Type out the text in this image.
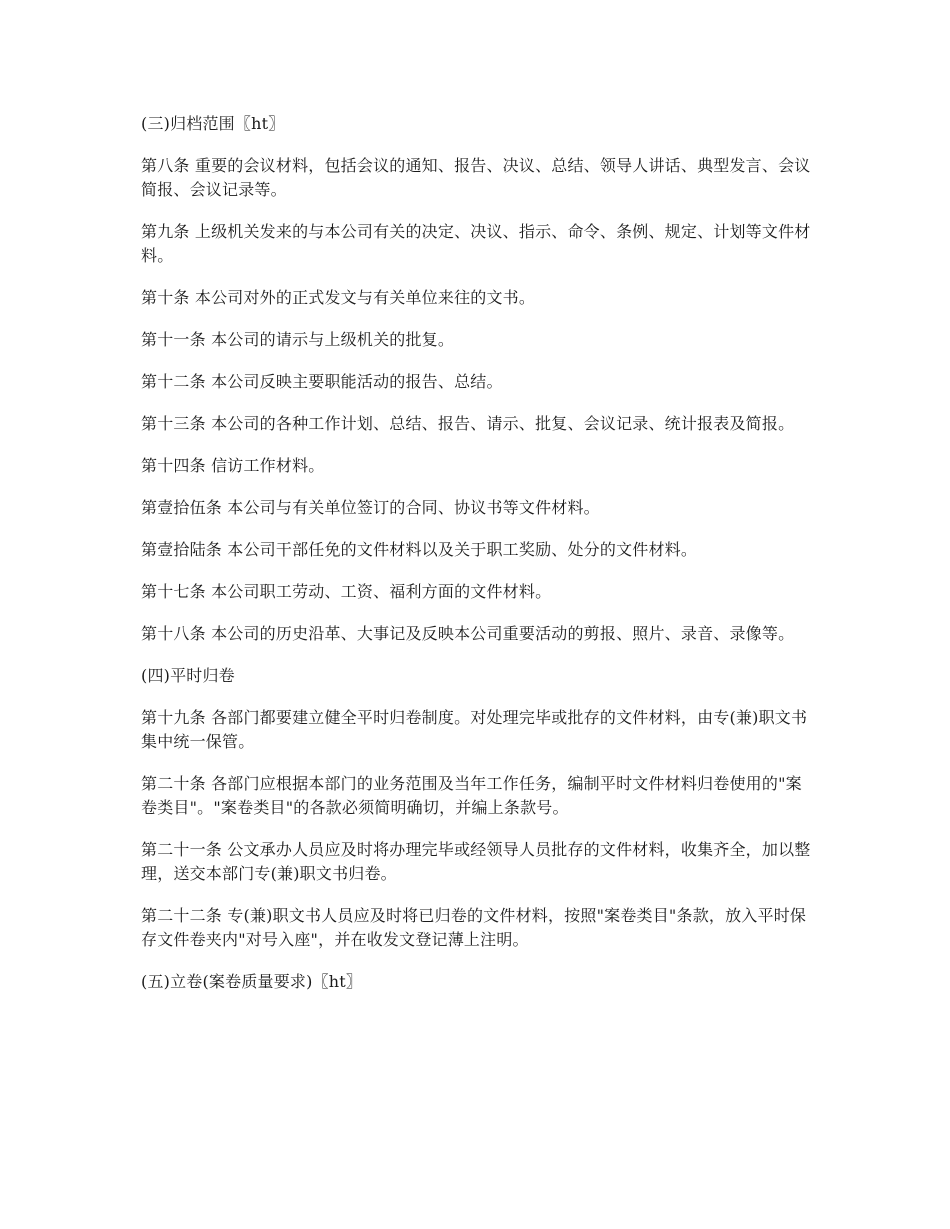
(三)归档范围〖ht〗

第八条 重要的会议材料，包括会议的通知、报告、决议、总结、领导人讲话、典型发言、会议简报、会议记录等。

第九条 上级机关发来的与本公司有关的决定、决议、指示、命令、条例、规定、计划等文件材料。

第十条 本公司对外的正式发文与有关单位来往的文书。

第十一条 本公司的请示与上级机关的批复。

第十二条 本公司反映主要职能活动的报告、总结。

第十三条 本公司的各种工作计划、总结、报告、请示、批复、会议记录、统计报表及简报。

第十四条 信访工作材料。

第壹拾伍条 本公司与有关单位签订的合同、协议书等文件材料。

第壹拾陆条 本公司干部任免的文件材料以及关于职工奖励、处分的文件材料。

第十七条 本公司职工劳动、工资、福利方面的文件材料。

第十八条 本公司的历史沿革、大事记及反映本公司重要活动的剪报、照片、录音、录像等。

(四)平时归卷

第十九条 各部门都要建立健全平时归卷制度。对处理完毕或批存的文件材料，由专(兼)职文书集中统一保管。

第二十条 各部门应根据本部门的业务范围及当年工作任务，编制平时文件材料归卷使用的"案卷类目"。"案卷类目"的各款必须简明确切，并编上条款号。

第二十一条 公文承办人员应及时将办理完毕或经领导人员批存的文件材料，收集齐全，加以整理，送交本部门专(兼)职文书归卷。

第二十二条 专(兼)职文书人员应及时将已归卷的文件材料，按照"案卷类目"条款，放入平时保存文件卷夹内"对号入座"，并在收发文登记薄上注明。

(五)立卷(案卷质量要求)〖ht〗
